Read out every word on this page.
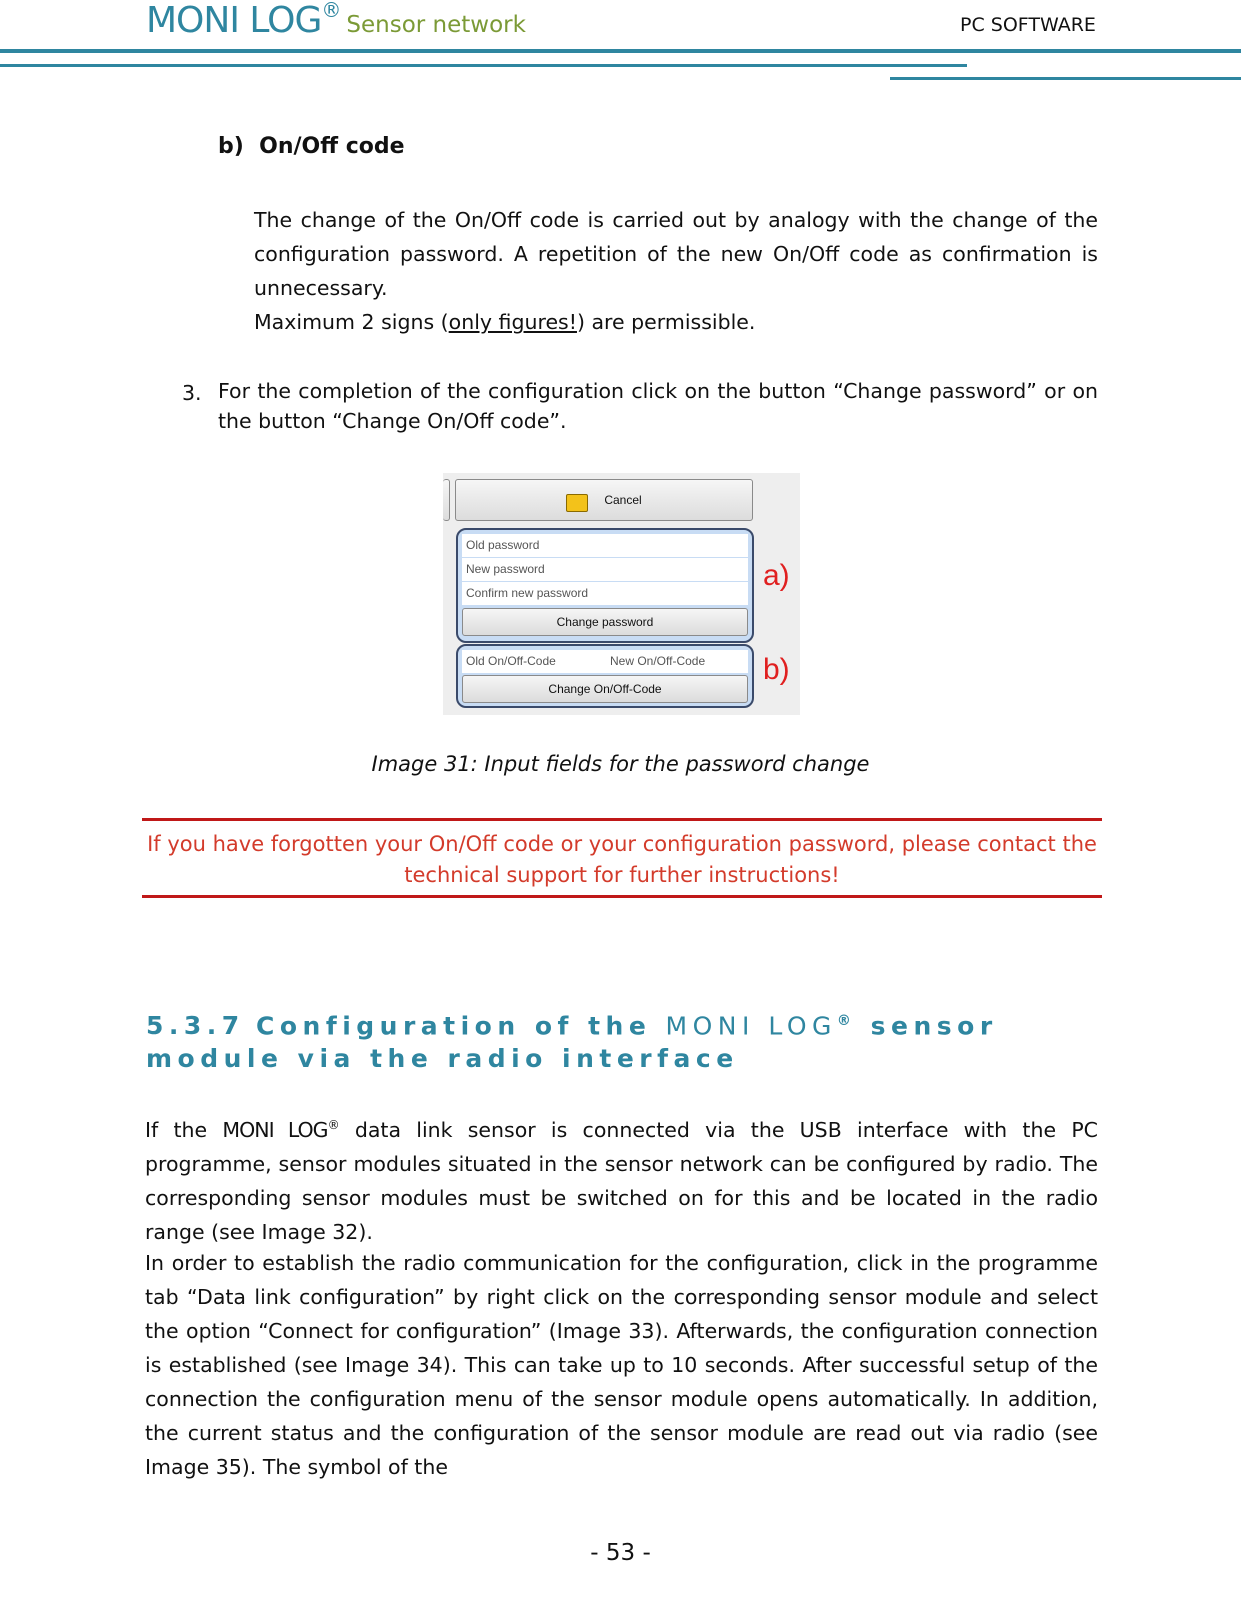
MONI LOG®Sensor network	PC SOFTWARE
b)  On/Off code
The change of the On/Off code is carried out by analogy with the change of the configuration password. A repetition of the new On/Off code as confirmation is unnecessary.
Maximum 2 signs (only figures!) are permissible.
3. For the completion of the configuration click on the button “Change password” or on the button “Change On/Off code”.
Cancel
Old password
New password
Confirm new password
Change password
Old On/Off-Code	New On/Off-Code
Change On/Off-Code
a)
b)
Image 31: Input fields for the password change
If you have forgotten your On/Off code or your configuration password, please contact the technical support for further instructions!
5.3.7 Configuration of the MONI LOG® sensor module via the radio interface
If the MONI LOG® data link sensor is connected via the USB interface with the PC programme, sensor modules situated in the sensor network can be configured by radio. The corresponding sensor modules must be switched on for this and be located in the radio range (see Image 32).
In order to establish the radio communication for the configuration, click in the programme tab “Data link configuration” by right click on the corresponding sensor module and select the option “Connect for configuration” (Image 33). Afterwards, the configuration connection is established (see Image 34). This can take up to 10 seconds. After successful setup of the connection the configuration menu of the sensor module opens automatically. In addition, the current status and the configuration of the sensor module are read out via radio (see Image 35). The symbol of the
- 53 -
